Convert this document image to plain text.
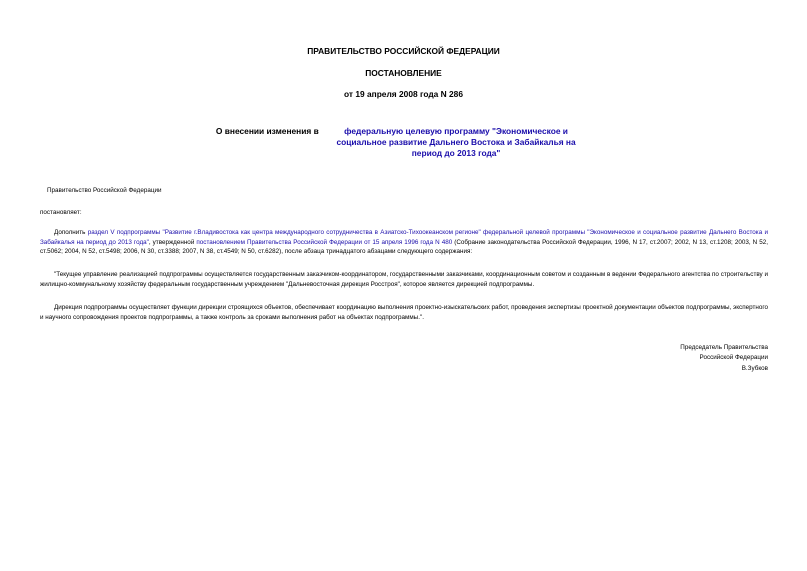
ПРАВИТЕЛЬСТВО РОССИЙСКОЙ ФЕДЕРАЦИИ
ПОСТАНОВЛЕНИЕ
от 19 апреля 2008 года N 286
О внесении изменения в	федеральную целевую программу "Экономическое и социальное развитие Дальнего Востока и Забайкалья на период до 2013 года"
Правительство Российской Федерации
постановляет:
Дополнить раздел V подпрограммы "Развитие г.Владивостока как центра международного сотрудничества в Азиатско-Тихоокеанском регионе" федеральной целевой программы "Экономическое и социальное развитие Дальнего Востока и Забайкалья на период до 2013 года", утвержденной постановлением Правительства Российской Федерации от 15 апреля 1996 года N 480 (Собрание законодательства Российской Федерации, 1996, N 17, ст.2007; 2002, N 13, ст.1208; 2003, N 52, ст.5062; 2004, N 52, ст.5498; 2006, N 30, ст.3388; 2007, N 38, ст.4549; N 50, ст.6282), после абзаца тринадцатого абзацами следующего содержания:
"Текущее управление реализацией подпрограммы осуществляется государственным заказчиком-координатором, государственными заказчиками, координационным советом и созданным в ведении Федерального агентства по строительству и жилищно-коммунальному хозяйству федеральным государственным учреждением "Дальневосточная дирекция Росстроя", которое является дирекцией подпрограммы.
Дирекция подпрограммы осуществляет функции дирекции строящихся объектов, обеспечивает координацию выполнения проектно-изыскательских работ, проведения экспертизы проектной документации объектов подпрограммы, экспертного и научного сопровождения проектов подпрограммы, а также контроль за сроками выполнения работ на объектах подпрограммы.".
Председатель Правительства
Российской Федерации
В.Зубков
